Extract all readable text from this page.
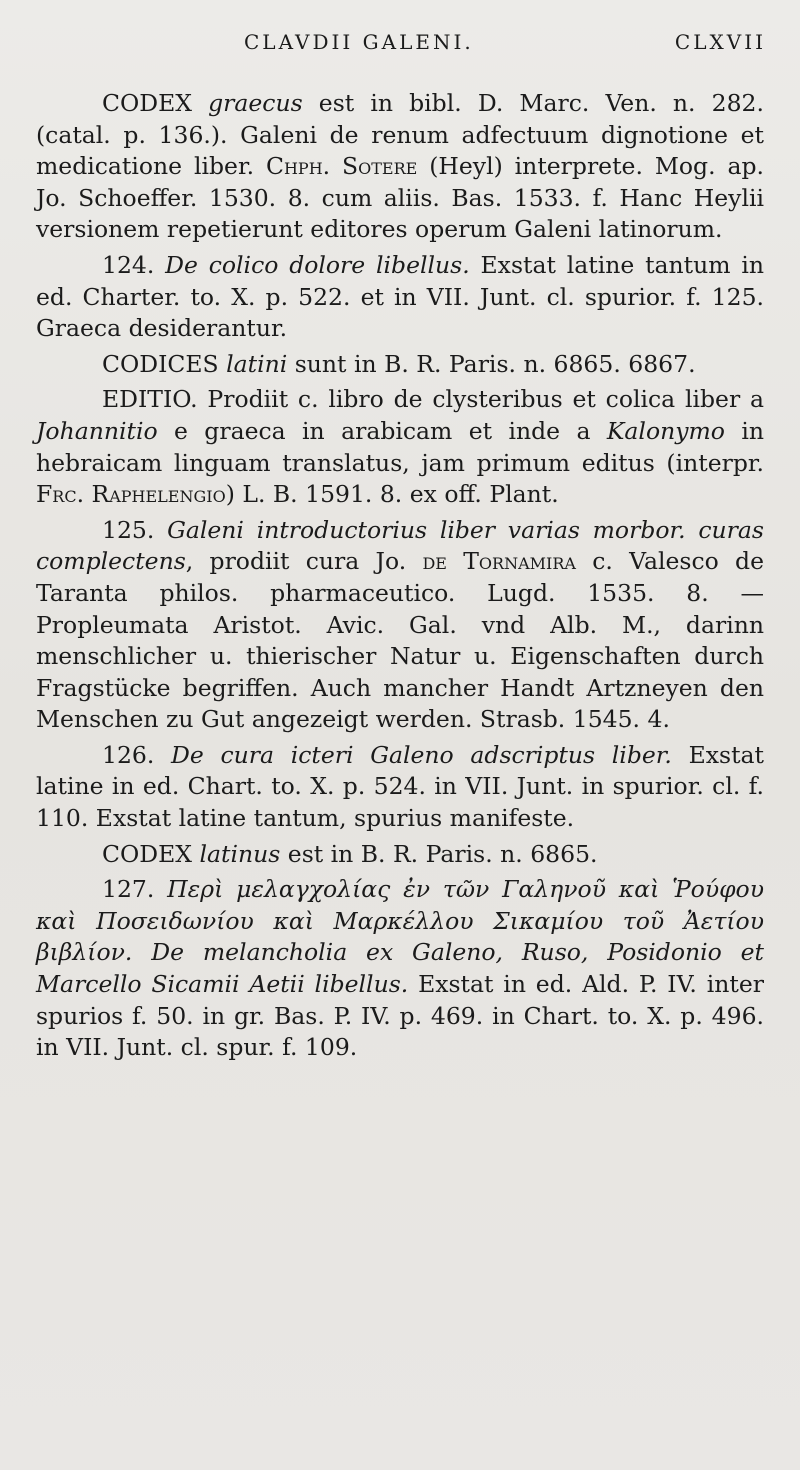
CLAVDII GALENI.	CLXVII

CODEX graecus est in bibl. D. Marc. Ven. n. 282. (catal. p. 136.). Galeni de renum adfectuum dignotione et medicatione liber. Chph. Sotere (Heyl) interprete. Mog. ap. Jo. Schoeffer. 1530. 8. cum aliis. Bas. 1533. f. Hanc Heylii versionem repetierunt editores operum Galeni latinorum.

124. De colico dolore libellus. Exstat latine tantum in ed. Charter. to. X. p. 522. et in VII. Junt. cl. spurior. f. 125. Graeca desiderantur.

CODICES latini sunt in B. R. Paris. n. 6865. 6867.

EDITIO. Prodiit c. libro de clysteribus et colica liber a Johannitio e graeca in arabicam et inde a Kalonymo in hebraicam linguam translatus, jam primum editus (interpr. Frc. Raphelengio) L. B. 1591. 8. ex off. Plant.

125. Galeni introductorius liber varias morbor. curas complectens, prodiit cura Jo. de Tornamira c. Valesco de Taranta philos. pharmaceutico. Lugd. 1535. 8. — Propleumata Aristot. Avic. Gal. vnd Alb. M., darinn menschlicher u. thierischer Natur u. Eigenschaften durch Fragstücke begriffen. Auch mancher Handt Artzneyen den Menschen zu Gut angezeigt werden. Strasb. 1545. 4.

126. De cura icteri Galeno adscriptus liber. Exstat latine in ed. Chart. to. X. p. 524. in VII. Junt. in spurior. cl. f. 110. Exstat latine tantum, spurius manifeste.

CODEX latinus est in B. R. Paris. n. 6865.

127. Περὶ μελαγχολίας ἐν τῶν Γαληνοῦ καὶ Ῥούφου καὶ Ποσειδωνίου καὶ Μαρκέλλου Σικαμίου τοῦ Ἀετίου βιβλίον. De melancholia ex Galeno, Ruso, Posidonio et Marcello Sicamii Aetii libellus. Exstat in ed. Ald. P. IV. inter spurios f. 50. in gr. Bas. P. IV. p. 469. in Chart. to. X. p. 496. in VII. Junt. cl. spur. f. 109.
